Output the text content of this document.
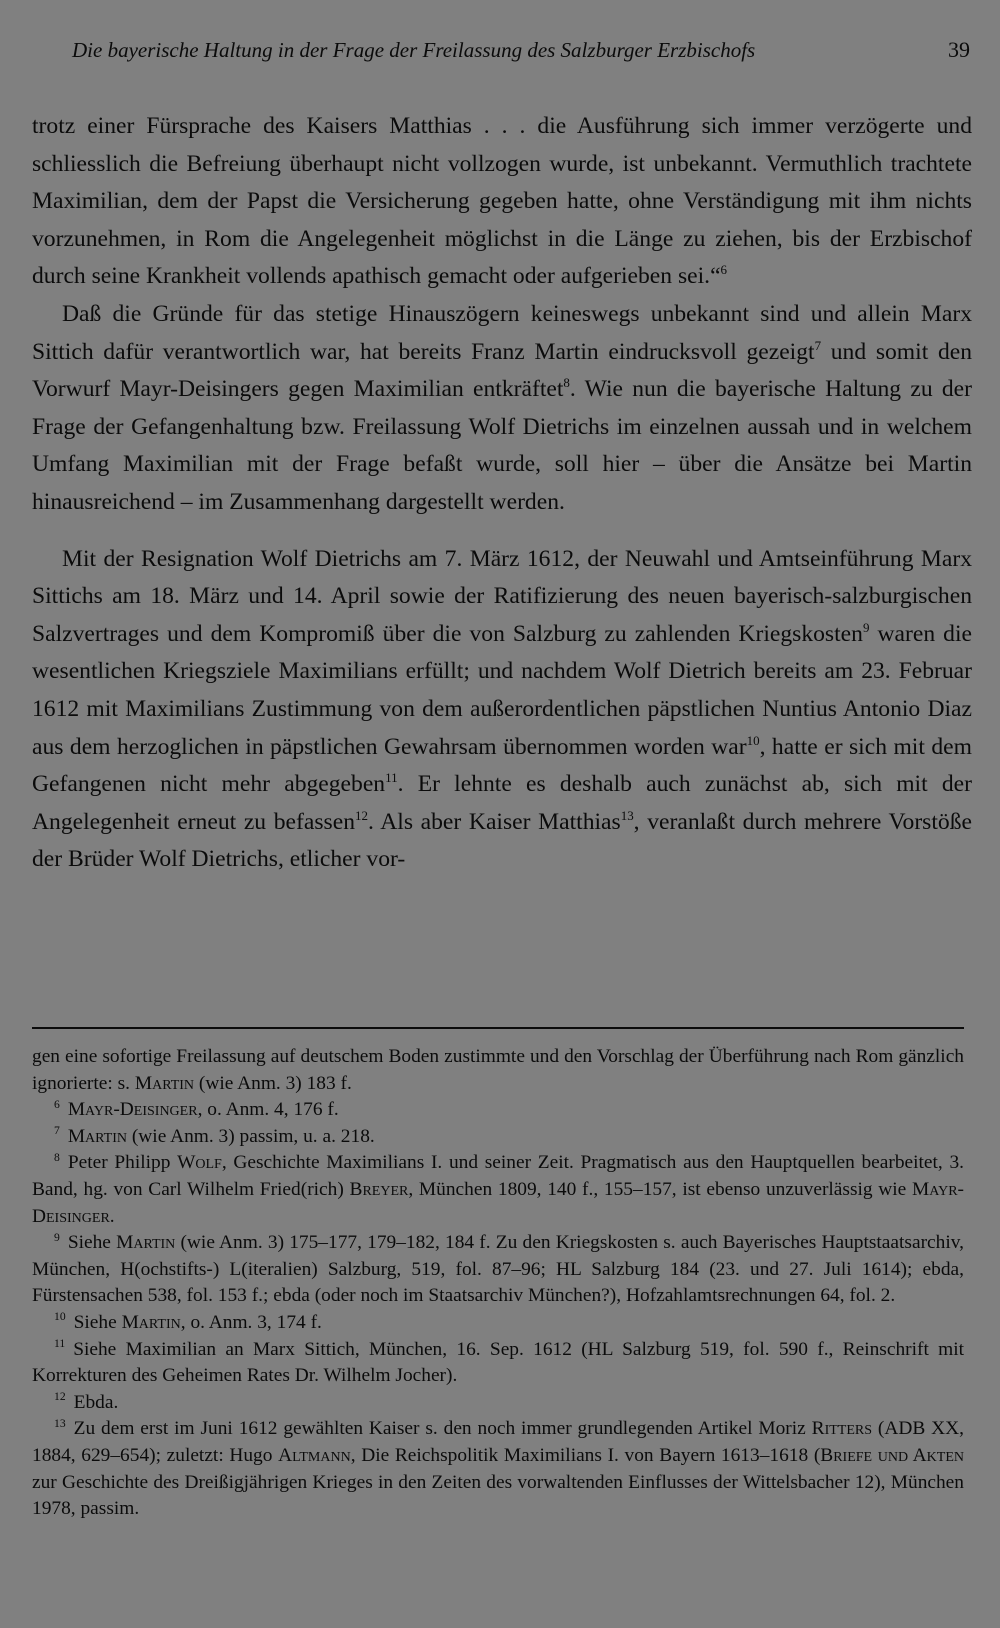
Die bayerische Haltung in der Frage der Freilassung des Salzburger Erzbischofs	39

trotz einer Fürsprache des Kaisers Matthias . . . die Ausführung sich immer verzögerte und schliesslich die Befreiung überhaupt nicht vollzogen wurde, ist unbekannt. Vermuthlich trachtete Maximilian, dem der Papst die Versicherung gegeben hatte, ohne Verständigung mit ihm nichts vorzunehmen, in Rom die Angelegenheit möglichst in die Länge zu ziehen, bis der Erzbischof durch seine Krankheit vollends apathisch gemacht oder aufgerieben sei.“$^6$

Daß die Gründe für das stetige Hinauszögern keineswegs unbekannt sind und allein Marx Sittich dafür verantwortlich war, hat bereits Franz Martin eindrucksvoll gezeigt$^7$ und somit den Vorwurf Mayr-Deisingers gegen Maximilian entkräftet$^8$. Wie nun die bayerische Haltung zu der Frage der Gefangenhaltung bzw. Freilassung Wolf Dietrichs im einzelnen aussah und in welchem Umfang Maximilian mit der Frage befaßt wurde, soll hier – über die Ansätze bei Martin hinausreichend – im Zusammenhang dargestellt werden.

Mit der Resignation Wolf Dietrichs am 7. März 1612, der Neuwahl und Amtseinführung Marx Sittichs am 18. März und 14. April sowie der Ratifizierung des neuen bayerisch-salzburgischen Salzvertrages und dem Kompromiß über die von Salzburg zu zahlenden Kriegskosten$^9$ waren die wesentlichen Kriegsziele Maximilians erfüllt; und nachdem Wolf Dietrich bereits am 23. Februar 1612 mit Maximilians Zustimmung von dem außerordentlichen päpstlichen Nuntius Antonio Diaz aus dem herzoglichen in päpstlichen Gewahrsam übernommen worden war$^{10}$, hatte er sich mit dem Gefangenen nicht mehr abgegeben$^{11}$. Er lehnte es deshalb auch zunächst ab, sich mit der Angelegenheit erneut zu befassen$^{12}$. Als aber Kaiser Matthias$^{13}$, veranlaßt durch mehrere Vorstöße der Brüder Wolf Dietrichs, etlicher vor-

gen eine sofortige Freilassung auf deutschem Boden zustimmte und den Vorschlag der Überführung nach Rom gänzlich ignorierte: s. Martin (wie Anm. 3) 183 f.

$^6$ Mayr-Deisinger, o. Anm. 4, 176 f.

$^7$ Martin (wie Anm. 3) passim, u. a. 218.

$^8$ Peter Philipp Wolf, Geschichte Maximilians I. und seiner Zeit. Pragmatisch aus den Hauptquellen bearbeitet, 3. Band, hg. von Carl Wilhelm Fried(rich) Breyer, München 1809, 140 f., 155–157, ist ebenso unzuverlässig wie Mayr-Deisinger.

$^9$ Siehe Martin (wie Anm. 3) 175–177, 179–182, 184 f. Zu den Kriegskosten s. auch Bayerisches Hauptstaatsarchiv, München, H(ochstifts-) L(iteralien) Salzburg, 519, fol. 87–96; HL Salzburg 184 (23. und 27. Juli 1614); ebda, Fürstensachen 538, fol. 153 f.; ebda (oder noch im Staatsarchiv München?), Hofzahlamtsrechnungen 64, fol. 2.

$^{10}$ Siehe Martin, o. Anm. 3, 174 f.

$^{11}$ Siehe Maximilian an Marx Sittich, München, 16. Sep. 1612 (HL Salzburg 519, fol. 590 f., Reinschrift mit Korrekturen des Geheimen Rates Dr. Wilhelm Jocher).

$^{12}$ Ebda.

$^{13}$ Zu dem erst im Juni 1612 gewählten Kaiser s. den noch immer grundlegenden Artikel Moriz Ritters (ADB XX, 1884, 629–654); zuletzt: Hugo Altmann, Die Reichspolitik Maximilians I. von Bayern 1613–1618 (Briefe und Akten zur Geschichte des Dreißigjährigen Krieges in den Zeiten des vorwaltenden Einflusses der Wittelsbacher 12), München 1978, passim.
